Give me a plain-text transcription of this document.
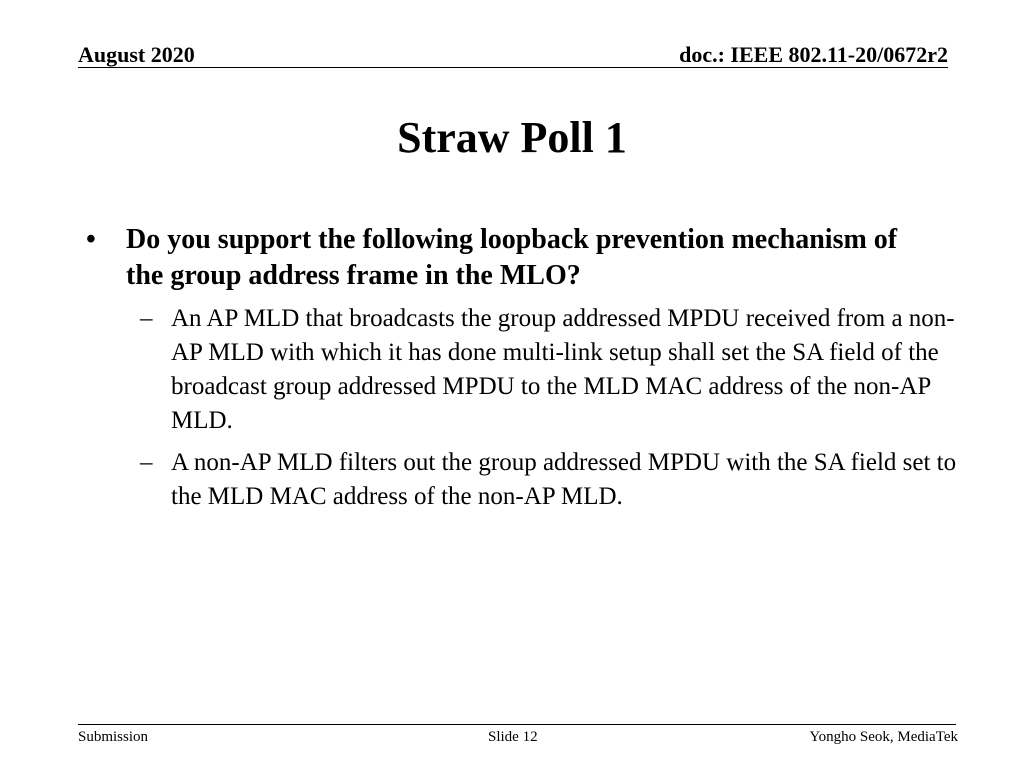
August 2020	doc.: IEEE 802.11-20/0672r2
Straw Poll 1
• Do you support the following loopback prevention mechanism of the group address frame in the MLO?
– An AP MLD that broadcasts the group addressed MPDU received from a non-AP MLD with which it has done multi-link setup shall set the SA field of the broadcast group addressed MPDU to the MLD MAC address of the non-AP MLD.
– A non-AP MLD filters out the group addressed MPDU with the SA field set to the MLD MAC address of the non-AP MLD.
Submission	Slide 12	Yongho Seok, MediaTek
